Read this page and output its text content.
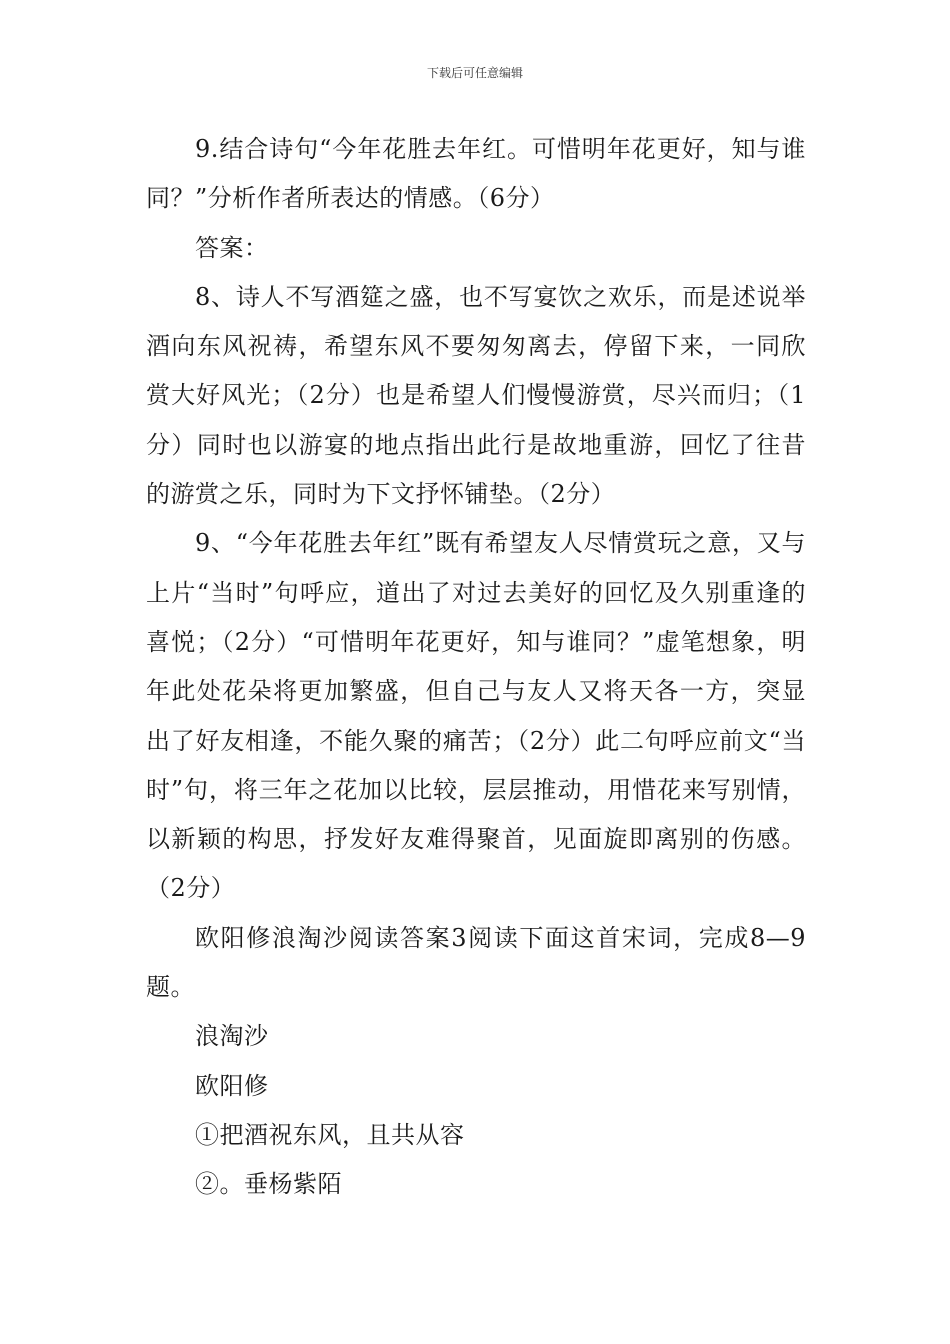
下载后可任意编辑

9.结合诗句“今年花胜去年红。可惜明年花更好，知与谁同？”分析作者所表达的情感。（6分）

答案：

8、诗人不写酒筵之盛，也不写宴饮之欢乐，而是述说举酒向东风祝祷，希望东风不要匆匆离去，停留下来，一同欣赏大好风光；（2分）也是希望人们慢慢游赏，尽兴而归；（1分）同时也以游宴的地点指出此行是故地重游，回忆了往昔的游赏之乐，同时为下文抒怀铺垫。（2分）

9、“今年花胜去年红”既有希望友人尽情赏玩之意，又与上片“当时”句呼应，道出了对过去美好的回忆及久别重逢的喜悦；（2分）“可惜明年花更好，知与谁同？”虚笔想象，明年此处花朵将更加繁盛，但自己与友人又将天各一方，突显出了好友相逢，不能久聚的痛苦；（2分）此二句呼应前文“当时”句，将三年之花加以比较，层层推动，用惜花来写别情，以新颖的构思，抒发好友难得聚首，见面旋即离别的伤感。（2分）

欧阳修浪淘沙阅读答案3阅读下面这首宋词，完成8—9题。

浪淘沙

欧阳修

①把酒祝东风，且共从容

②。垂杨紫陌
